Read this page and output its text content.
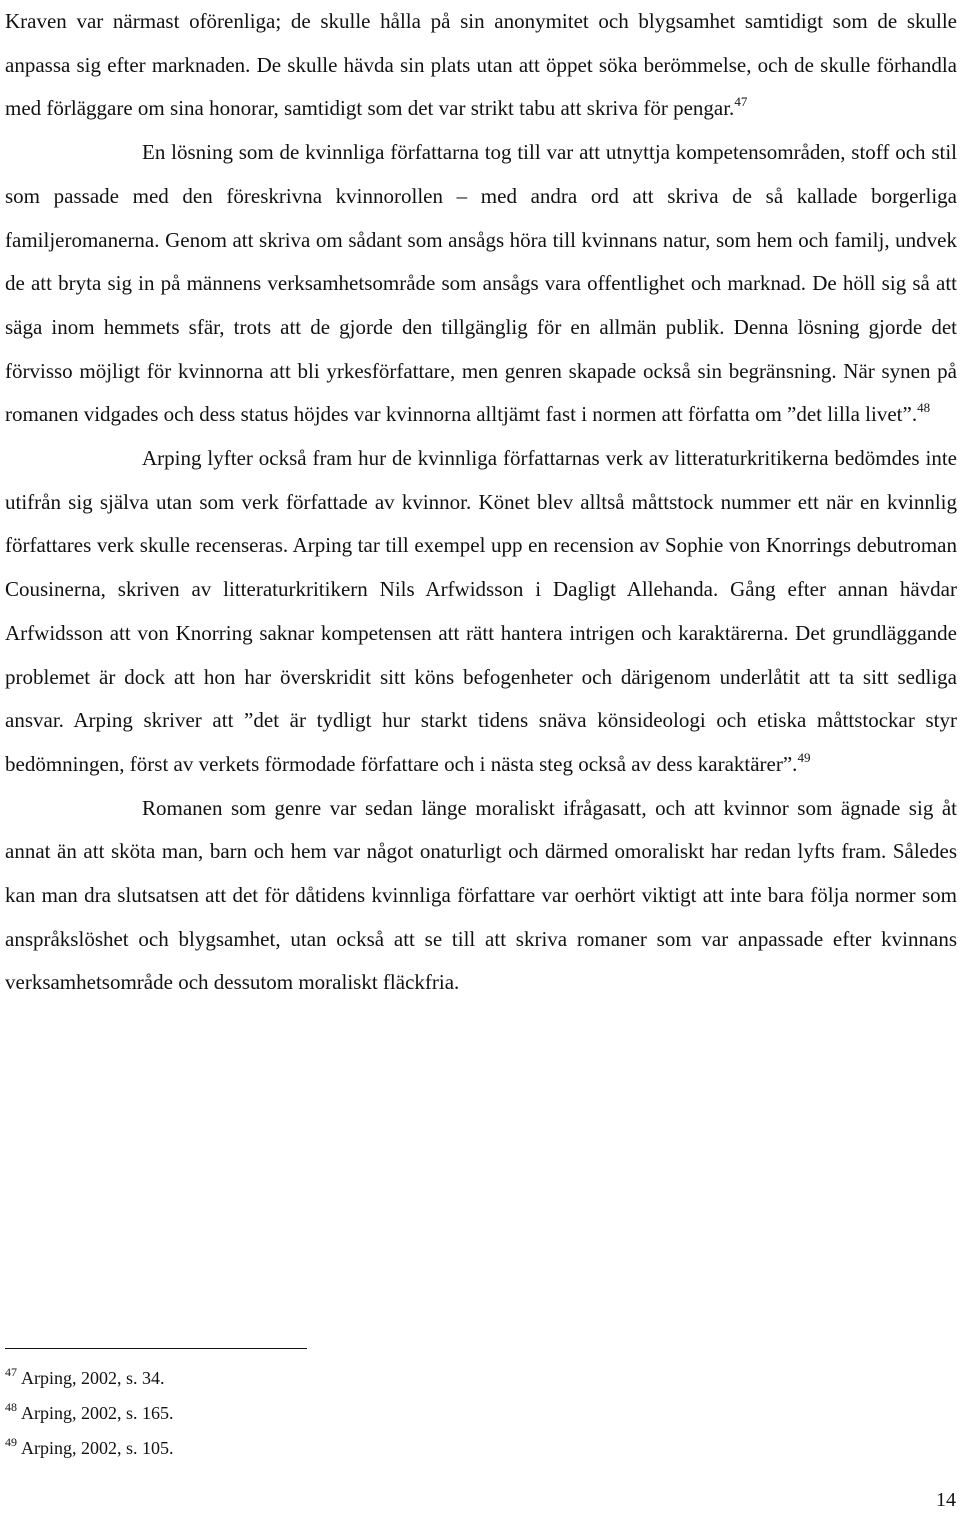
Kraven var närmast oförenliga; de skulle hålla på sin anonymitet och blygsamhet samtidigt som de skulle anpassa sig efter marknaden. De skulle hävda sin plats utan att öppet söka berömmelse, och de skulle förhandla med förläggare om sina honorar, samtidigt som det var strikt tabu att skriva för pengar.$^{47}$

En lösning som de kvinnliga författarna tog till var att utnyttja kompetensområden, stoff och stil som passade med den föreskrivna kvinnorollen – med andra ord att skriva de så kallade borgerliga familjeromanerna. Genom att skriva om sådant som ansågs höra till kvinnans natur, som hem och familj, undvek de att bryta sig in på männens verksamhetsområde som ansågs vara offentlighet och marknad. De höll sig så att säga inom hemmets sfär, trots att de gjorde den tillgänglig för en allmän publik. Denna lösning gjorde det förvisso möjligt för kvinnorna att bli yrkesförfattare, men genren skapade också sin begränsning. När synen på romanen vidgades och dess status höjdes var kvinnorna alltjämt fast i normen att författa om ”det lilla livet”.$^{48}$

Arping lyfter också fram hur de kvinnliga författarnas verk av litteraturkritikerna bedömdes inte utifrån sig själva utan som verk författade av kvinnor. Könet blev alltså måttstock nummer ett när en kvinnlig författares verk skulle recenseras. Arping tar till exempel upp en recension av Sophie von Knorrings debutroman Cousinerna, skriven av litteraturkritikern Nils Arfwidsson i Dagligt Allehanda. Gång efter annan hävdar Arfwidsson att von Knorring saknar kompetensen att rätt hantera intrigen och karaktärerna. Det grundläggande problemet är dock att hon har överskridit sitt köns befogenheter och därigenom underlåtit att ta sitt sedliga ansvar. Arping skriver att ”det är tydligt hur starkt tidens snäva könsideologi och etiska måttstockar styr bedömningen, först av verkets förmodade författare och i nästa steg också av dess karaktärer”.$^{49}$

Romanen som genre var sedan länge moraliskt ifrågasatt, och att kvinnor som ägnade sig åt annat än att sköta man, barn och hem var något onaturligt och därmed omoraliskt har redan lyfts fram. Således kan man dra slutsatsen att det för dåtidens kvinnliga författare var oerhört viktigt att inte bara följa normer som anspråkslöshet och blygsamhet, utan också att se till att skriva romaner som var anpassade efter kvinnans verksamhetsområde och dessutom moraliskt fläckfria.

$^{47}$ Arping, 2002, s. 34.
$^{48}$ Arping, 2002, s. 165.
$^{49}$ Arping, 2002, s. 105.
14
